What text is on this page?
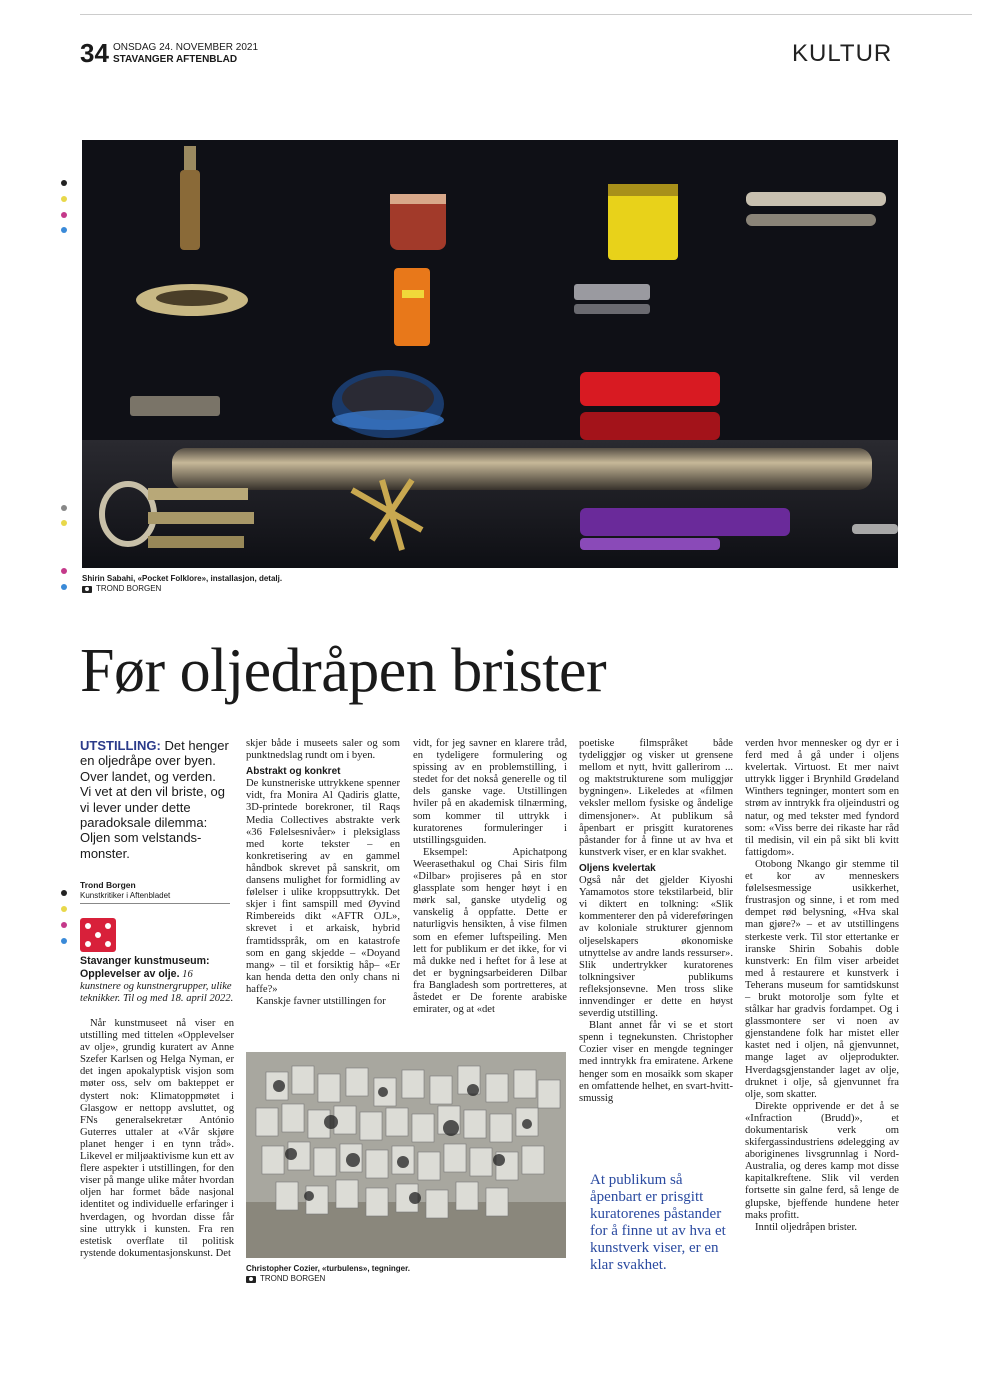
34 ONSDAG 24. NOVEMBER 2021
STAVANGER AFTENBLAD	KULTUR
Shirin Sabahi, «Pocket Folklore», installasjon, detalj.
TROND BORGEN
Før oljedråpen brister
UTSTILLING: Det henger en oljedråpe over byen. Over landet, og verden. Vi vet at den vil briste, og vi lever under dette paradoksale dilemma: Oljen som velstands-monster.
Trond Borgen
Kunstkritiker i Aftenbladet
Stavanger kunstmuseum: Opplevelser av olje. 16 kunstnere og kunstnergrupper, ulike teknikker. Til og med 18. april 2022.

Når kunstmuseet nå viser en utstilling med tittelen «Opplevelser av olje», grundig kuratert av Anne Szefer Karlsen og Helga Nyman, er det ingen apokalyptisk visjon som møter oss, selv om bakteppet er dystert nok: Klimatoppmøtet i Glasgow er nettopp avsluttet, og FNs generalsekretær António Guterres uttaler at «Vår skjøre planet henger i en tynn tråd». Likevel er miljøaktivisme kun ett av flere aspekter i utstillingen, for den viser på mange ulike måter hvordan oljen har formet både nasjonal identitet og individuelle erfaringer i hverdagen, og hvordan disse får sine uttrykk i kunsten. Fra ren estetisk overflate til politisk rystende dokumentasjonskunst. Det

skjer både i museets saler og som punktnedslag rundt om i byen.

Abstrakt og konkret

De kunstneriske uttrykkene spenner vidt, fra Monira Al Qadiris glatte, 3D-printede borekroner, til Raqs Media Collectives abstrakte verk «36 Følelsesnivåer» i pleksiglass med korte tekster – en konkretisering av en gammel håndbok skrevet på sanskrit, om dansens mulighet for formidling av følelser i ulike kroppsuttrykk. Det skjer i fint samspill med Øyvind Rimbereids dikt «AFTR OJL», skrevet i et arkaisk, hybrid framtidsspråk, om en katastrofe som en gang skjedde – «Doyand mang» – til et forsiktig håp– «Er kan henda detta den only chans ni haffe?»

Kanskje favner utstillingen for

vidt, for jeg savner en klarere tråd, en tydeligere formulering og spissing av en problemstilling, i stedet for det nokså generelle og til dels ganske vage. Utstillingen hviler på en akademisk tilnærming, som kommer til uttrykk i kuratorenes formuleringer i utstillingsguiden.

Eksempel: Apichatpong Weerasethakul og Chai Siris film «Dilbar» projiseres på en stor glassplate som henger høyt i en mørk sal, ganske utydelig og vanskelig å oppfatte. Dette er naturligvis hensikten, å vise filmen som en efemer luftspeiling. Men lett for publikum er det ikke, for vi må dukke ned i heftet for å lese at det er bygningsarbeideren Dilbar fra Bangladesh som portretteres, at åstedet er De forente arabiske emirater, og at «det

Christopher Cozier, «turbulens», tegninger.
TROND BORGEN

poetiske filmspråket både tydeliggjør og visker ut grensene mellom et nytt, hvitt gallerirom ... og maktstrukturene som muliggjør bygningen». Likeledes at «filmen veksler mellom fysiske og åndelige dimensjoner». At publikum så åpenbart er prisgitt kuratorenes påstander for å finne ut av hva et kunstverk viser, er en klar svakhet.

Oljens kvelertak

Også når det gjelder Kiyoshi Yamamotos store tekstilarbeid, blir vi diktert en tolkning: «Slik kommenterer den på videreføringen av koloniale strukturer gjennom oljeselskapers økonomiske utnyttelse av andre lands ressurser». Slik undertrykker kuratorenes tolkningsiver publikums refleksjonsevne. Men tross slike innvendinger er dette en høyst severdig utstilling.

Blant annet får vi se et stort spenn i tegnekunsten. Christopher Cozier viser en mengde tegninger med inntrykk fra emiratene. Arkene henger som en mosaikk som skaper en omfattende helhet, en svart-hvitt-smussig

At publikum så åpenbart er prisgitt kuratorenes påstander for å finne ut av hva et kunstverk viser, er en klar svakhet.

verden hvor mennesker og dyr er i ferd med å gå under i oljens kvelertak. Virtuost. Et mer naivt uttrykk ligger i Brynhild Grødeland Winthers tegninger, montert som en strøm av inntrykk fra oljeindustri og natur, og med tekster med fyndord som: «Viss berre dei rikaste har råd til medisin, vil ein på sikt bli kvitt fattigdom».

Otobong Nkango gir stemme til et kor av menneskers følelsesmessige usikkerhet, frustrasjon og sinne, i et rom med dempet rød belysning, «Hva skal man gjøre?» – et av utstillingens sterkeste verk. Til stor ettertanke er iranske Shirin Sobahis doble kunstverk: En film viser arbeidet med å restaurere et kunstverk i Teherans museum for samtidskunst – brukt motorolje som fylte et stålkar har gradvis fordampet. Og i glassmontere ser vi noen av gjenstandene folk har mistet eller kastet ned i oljen, nå gjenvunnet, mange laget av oljeprodukter. Hverdagsgjenstander laget av olje, druknet i olje, så gjenvunnet fra olje, som skatter.

Direkte opprivende er det å se «Infraction (Brudd)», et dokumentarisk verk om skifergassindustriens ødelegging av aboriginenes livsgrunnlag i Nord-Australia, og deres kamp mot disse kapitalkreftene. Slik vil verden fortsette sin galne ferd, så lenge de glupske, bjeffende hundene heter maks profitt.

Inntil oljedråpen brister.
